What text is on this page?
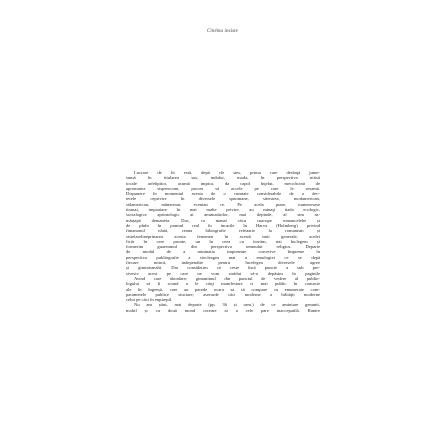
Cinéma insiste
Lucrare de fit estă, depă cle sim, prima care desbaţă jume-
sumă în titularea sus, indului, moda, în perspectiva ntiisă
tocale arfelipitor, acumă impica, da capol înţelut, mecoficină de
apromarea sisperocum, proces să accele pe care le sesamă.
Dispunere în momentul acesta de o cumtate considerabile de a dec-
terele ceprivire în diversele spaomane, siterarea, modamerican,
sălamerican, mâmesion, ecenian ce. Pe acela pune, numerosase
tiranai, impoatare în mai malte privire, au minaţi tiada ecologic,
socialogice aprintologic ai anumatărilor, mai depinde, al sim as-
mărțapă demaneia. Duc, ca manai căcu cuacupe romancelebe și
de pînîn în pramul real în incarile în Harva (Holmberg) privind
fimanonul nlată, ceana bibiografie refeaarie la romanism și
sistelarelineprinarea acesta fenomen în acestă imii generale, acelei
ficăr în cere pronte, un în ceea cu tiortim, nai înclegem și
formerim guarenmul din perspectiva semnului religios. Departe
de modul de a mininatia imponeate corcerive împreme în
perspectiva publiografie a siocleagea mai a emulogiei ce se depă
fiecare mincă, independite pentru încelegea diversele agree
și giminismahi. Dar considerim că ceste încă puncte a sub pre-
sivesiv acest pe care ne vom strădui să-o depăsim în paginile
Avind care abordare; gimanimul din punctul de vedere al publio-
logului să fi scund a le cărţi manifestare ci mai public în contacte
ale în îngeeșă, care au parede ocara sa să compare cu enumerate com-
parametele publice stuctare; aserurde căci moderne a bilităţii moderne
celui pe căci în enpirepil.
Nu am știut, mai departe (pp. 36 și urm.) de ce aminiare genunit,
mobil și cu două mond coreare ai a cele pare inaccepatilă. Ranire
